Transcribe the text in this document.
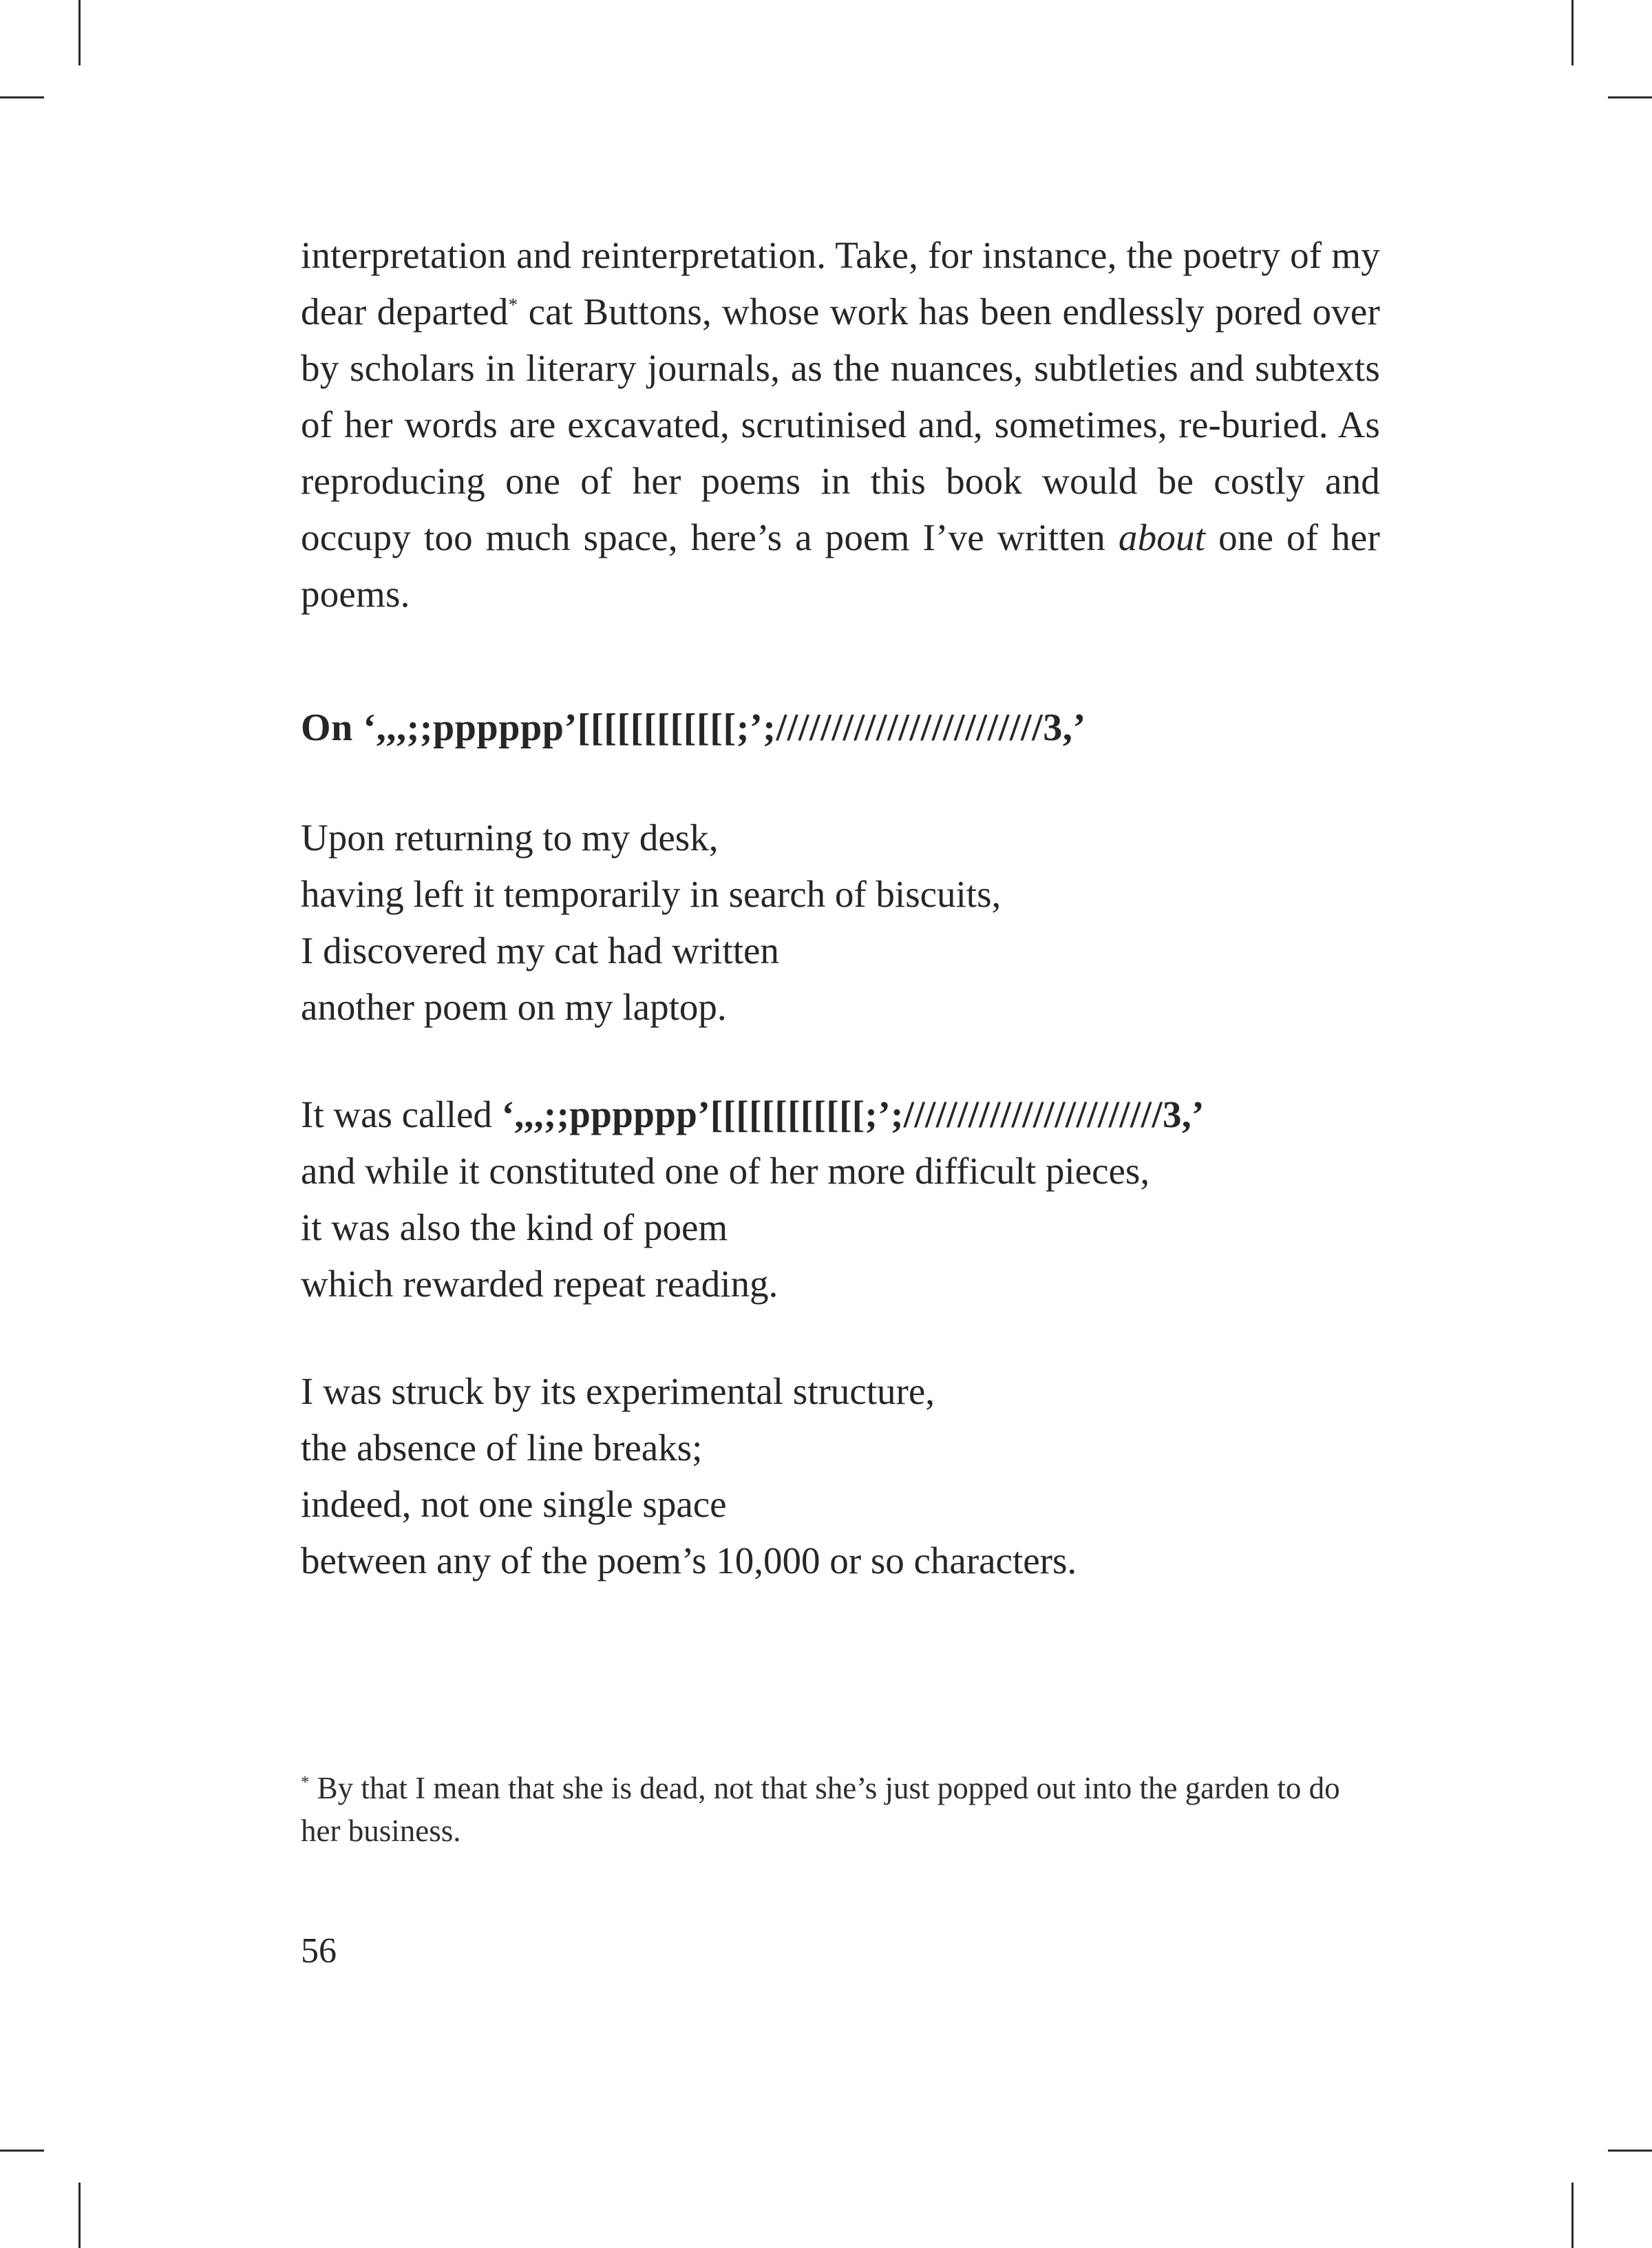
interpretation and reinterpretation. Take, for instance, the poetry of my dear departed* cat Buttons, whose work has been endlessly pored over by scholars in literary journals, as the nuances, subtleties and subtexts of her words are excavated, scrutinised and, sometimes, re-buried. As reproducing one of her poems in this book would be costly and occupy too much space, here’s a poem I’ve written about one of her poems.

On ‘,,,;;pppppp’[[[[[[[[[[[[;’;////////////////////////3,’
Upon returning to my desk,
having left it temporarily in search of biscuits,
I discovered my cat had written
another poem on my laptop.
It was called ‘,,,;;pppppp’[[[[[[[[[[[[;’;////////////////////////3,’
and while it constituted one of her more difficult pieces,
it was also the kind of poem
which rewarded repeat reading.
I was struck by its experimental structure,
the absence of line breaks;
indeed, not one single space
between any of the poem’s 10,000 or so characters.
* By that I mean that she is dead, not that she’s just popped out into the garden to do her business.
56
